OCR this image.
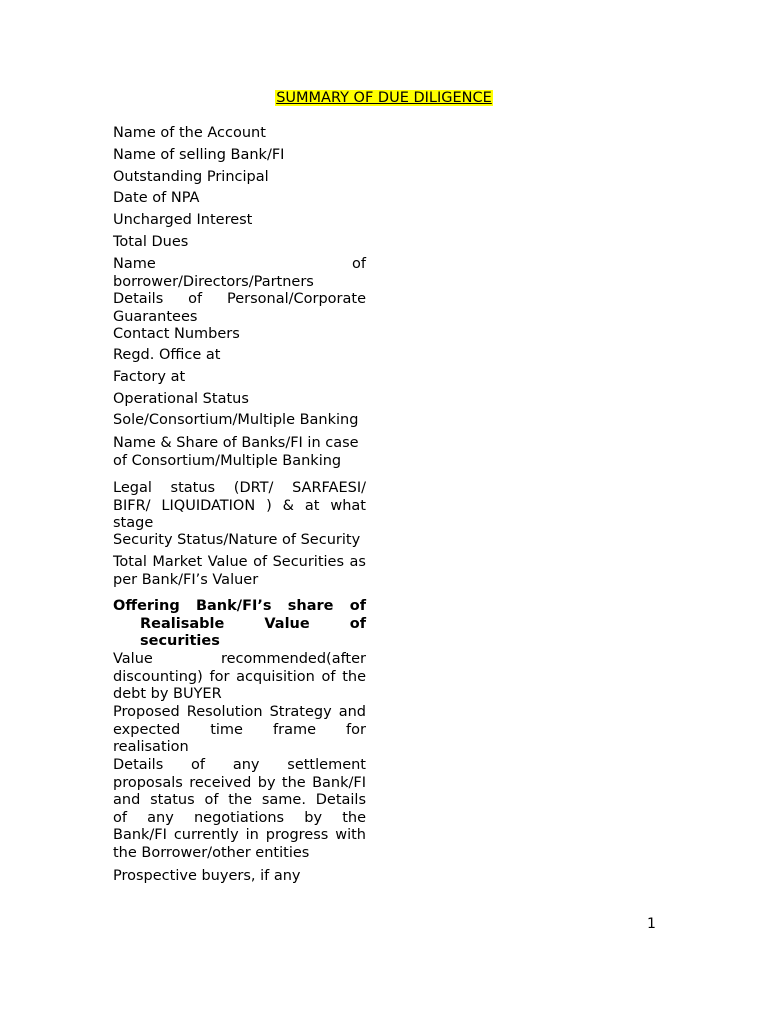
SUMMARY OF DUE DILIGENCE
Name of the Account
Name of selling Bank/FI
Outstanding Principal
Date of NPA
Uncharged Interest
Total Dues
Name of
borrower/Directors/Partners
Details of Personal/Corporate
Guarantees
Contact Numbers
Regd. Office at
Factory at
Operational Status
Sole/Consortium/Multiple Banking
Name & Share of Banks/FI in case
of Consortium/Multiple Banking
Legal status (DRT/ SARFAESI/
BIFR/ LIQUIDATION ) & at what
stage
Security Status/Nature of Security
Total Market Value of Securities as
per Bank/FI’s Valuer
Offering Bank/FI’s share of
Realisable Value of
securities
Value recommended(after
discounting) for acquisition of the
debt by BUYER
Proposed Resolution Strategy and
expected time frame for
realisation
Details of any settlement
proposals received by the Bank/FI
and status of the same. Details
of any negotiations by the
Bank/FI currently in progress with
the Borrower/other entities
Prospective buyers, if any
1
